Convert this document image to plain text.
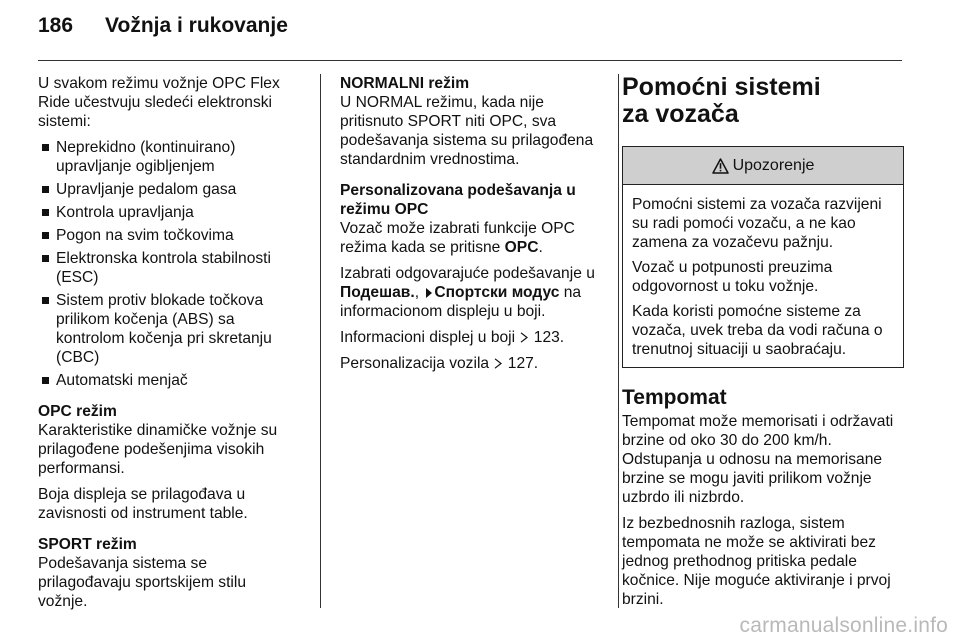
186 Vožnja i rukovanje

U svakom režimu vožnje OPC Flex Ride učestvuju sledeći elektronski sistemi:

Neprekidno (kontinuirano) upravljanje ogibljenjem
Upravljanje pedalom gasa
Kontrola upravljanja
Pogon na svim točkovima
Elektronska kontrola stabilnosti (ESC)
Sistem protiv blokade točkova prilikom kočenja (ABS) sa kontrolom kočenja pri skretanju (CBC)
Automatski menjač

OPC režim

Karakteristike dinamičke vožnje su prilagođene podešenjima visokih performansi.

Boja displeja se prilagođava u zavisnosti od instrument table.

SPORT režim

Podešavanja sistema se prilagođavaju sportskijem stilu vožnje.

NORMALNI režim

U NORMAL režimu, kada nije pritisnuto SPORT niti OPC, sva podešavanja sistema su prilagođena standardnim vrednostima.

Personalizovana podešavanja u režimu OPC

Vozač može izabrati funkcije OPC režima kada se pritisne OPC.

Izabrati odgovarajuće podešavanje u Подешав., Спортски модус na informacionom displeju u boji.

Informacioni displej u boji  123.

Personalizacija vozila  127.

Pomoćni sistemi za vozača
Upozorenje

Pomoćni sistemi za vozača razvijeni su radi pomoći vozaču, a ne kao zamena za vozačevu pažnju.

Vozač u potpunosti preuzima odgovornost u toku vožnje.

Kada koristi pomoćne sisteme za vozača, uvek treba da vodi računa o trenutnoj situaciji u saobraćaju.

Tempomat

Tempomat može memorisati i održavati brzine od oko 30 do 200 km/h. Odstupanja u odnosu na memorisane brzine se mogu javiti prilikom vožnje uzbrdo ili nizbrdo.

Iz bezbednosnih razloga, sistem tempomata ne može se aktivirati bez jednog prethodnog pritiska pedale kočnice. Nije moguće aktiviranje i prvoj brzini.

carmanualsonline.info
